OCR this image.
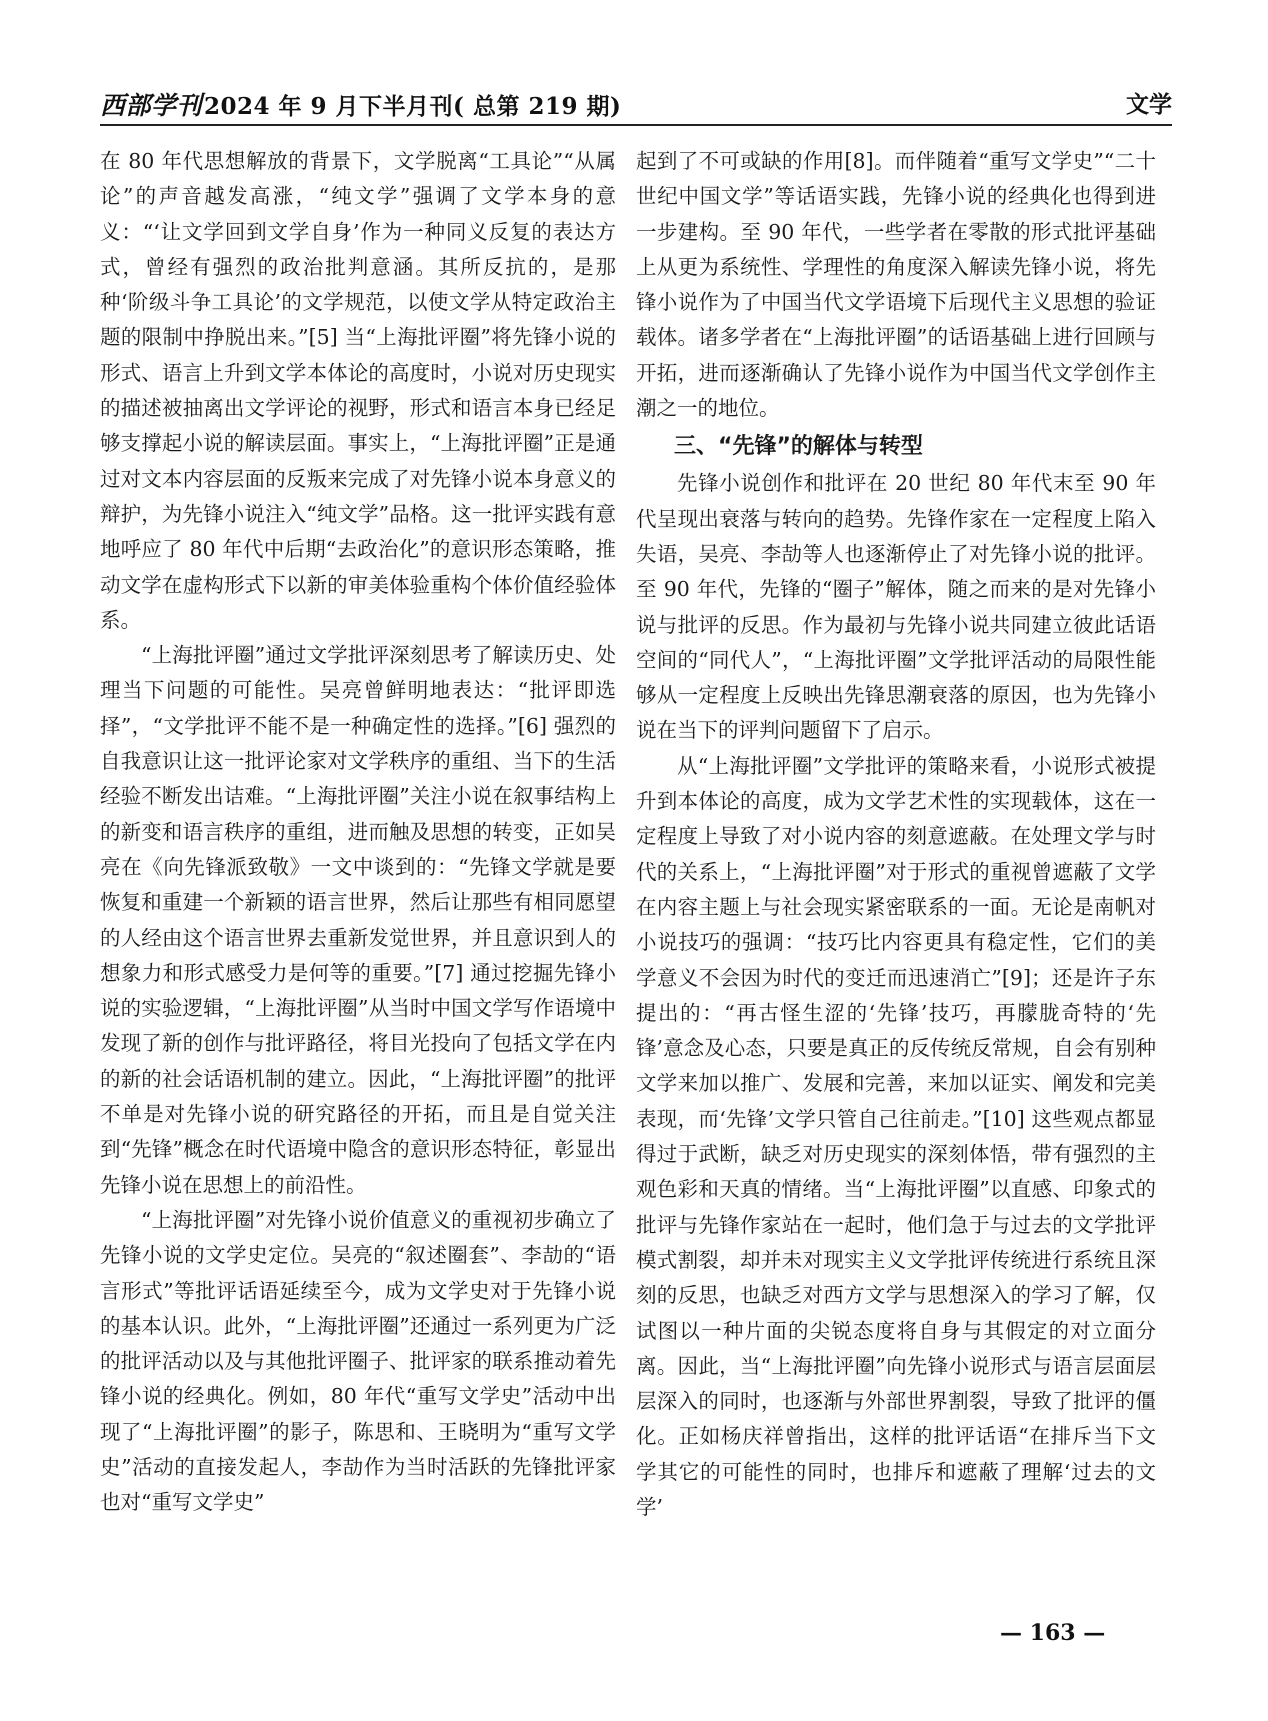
西部学刊2024 年 9 月下半月刊( 总第 219 期)	文学

在 80 年代思想解放的背景下，文学脱离“工具论”“从属论”的声音越发高涨，“纯文学”强调了文学本身的意义：“‘让文学回到文学自身’作为一种同义反复的表达方式，曾经有强烈的政治批判意涵。其所反抗的，是那种‘阶级斗争工具论’的文学规范，以使文学从特定政治主题的限制中挣脱出来。”[5] 当“上海批评圈”将先锋小说的形式、语言上升到文学本体论的高度时，小说对历史现实的描述被抽离出文学评论的视野，形式和语言本身已经足够支撑起小说的解读层面。事实上，“上海批评圈”正是通过对文本内容层面的反叛来完成了对先锋小说本身意义的辩护，为先锋小说注入“纯文学”品格。这一批评实践有意地呼应了 80 年代中后期“去政治化”的意识形态策略，推动文学在虚构形式下以新的审美体验重构个体价值经验体系。

“上海批评圈”通过文学批评深刻思考了解读历史、处理当下问题的可能性。吴亮曾鲜明地表达：“批评即选择”，“文学批评不能不是一种确定性的选择。”[6] 强烈的自我意识让这一批评论家对文学秩序的重组、当下的生活经验不断发出诘难。“上海批评圈”关注小说在叙事结构上的新变和语言秩序的重组，进而触及思想的转变，正如吴亮在《向先锋派致敬》一文中谈到的：“先锋文学就是要恢复和重建一个新颖的语言世界，然后让那些有相同愿望的人经由这个语言世界去重新发觉世界，并且意识到人的想象力和形式感受力是何等的重要。”[7] 通过挖掘先锋小说的实验逻辑，“上海批评圈”从当时中国文学写作语境中发现了新的创作与批评路径，将目光投向了包括文学在内的新的社会话语机制的建立。因此，“上海批评圈”的批评不单是对先锋小说的研究路径的开拓，而且是自觉关注到“先锋”概念在时代语境中隐含的意识形态特征，彰显出先锋小说在思想上的前沿性。

“上海批评圈”对先锋小说价值意义的重视初步确立了先锋小说的文学史定位。吴亮的“叙述圈套”、李劼的“语言形式”等批评话语延续至今，成为文学史对于先锋小说的基本认识。此外，“上海批评圈”还通过一系列更为广泛的批评活动以及与其他批评圈子、批评家的联系推动着先锋小说的经典化。例如，80 年代“重写文学史”活动中出现了“上海批评圈”的影子，陈思和、王晓明为“重写文学史”活动的直接发起人，李劼作为当时活跃的先锋批评家也对“重写文学史”

起到了不可或缺的作用[8]。而伴随着“重写文学史”“二十世纪中国文学”等话语实践，先锋小说的经典化也得到进一步建构。至 90 年代，一些学者在零散的形式批评基础上从更为系统性、学理性的角度深入解读先锋小说，将先锋小说作为了中国当代文学语境下后现代主义思想的验证载体。诸多学者在“上海批评圈”的话语基础上进行回顾与开拓，进而逐渐确认了先锋小说作为中国当代文学创作主潮之一的地位。

三、“先锋”的解体与转型

先锋小说创作和批评在 20 世纪 80 年代末至 90 年代呈现出衰落与转向的趋势。先锋作家在一定程度上陷入失语，吴亮、李劼等人也逐渐停止了对先锋小说的批评。至 90 年代，先锋的“圈子”解体，随之而来的是对先锋小说与批评的反思。作为最初与先锋小说共同建立彼此话语空间的“同代人”，“上海批评圈”文学批评活动的局限性能够从一定程度上反映出先锋思潮衰落的原因，也为先锋小说在当下的评判问题留下了启示。

从“上海批评圈”文学批评的策略来看，小说形式被提升到本体论的高度，成为文学艺术性的实现载体，这在一定程度上导致了对小说内容的刻意遮蔽。在处理文学与时代的关系上，“上海批评圈”对于形式的重视曾遮蔽了文学在内容主题上与社会现实紧密联系的一面。无论是南帆对小说技巧的强调：“技巧比内容更具有稳定性，它们的美学意义不会因为时代的变迁而迅速消亡”[9]；还是许子东提出的：“再古怪生涩的‘先锋’技巧，再朦胧奇特的‘先锋’意念及心态，只要是真正的反传统反常规，自会有别种文学来加以推广、发展和完善，来加以证实、阐发和完美表现，而‘先锋’文学只管自己往前走。”[10] 这些观点都显得过于武断，缺乏对历史现实的深刻体悟，带有强烈的主观色彩和天真的情绪。当“上海批评圈”以直感、印象式的批评与先锋作家站在一起时，他们急于与过去的文学批评模式割裂，却并未对现实主义文学批评传统进行系统且深刻的反思，也缺乏对西方文学与思想深入的学习了解，仅试图以一种片面的尖锐态度将自身与其假定的对立面分离。因此，当“上海批评圈”向先锋小说形式与语言层面层层深入的同时，也逐渐与外部世界割裂，导致了批评的僵化。正如杨庆祥曾指出，这样的批评话语“在排斥当下文学其它的可能性的同时，也排斥和遮蔽了理解‘过去的文学’

— 163 —
